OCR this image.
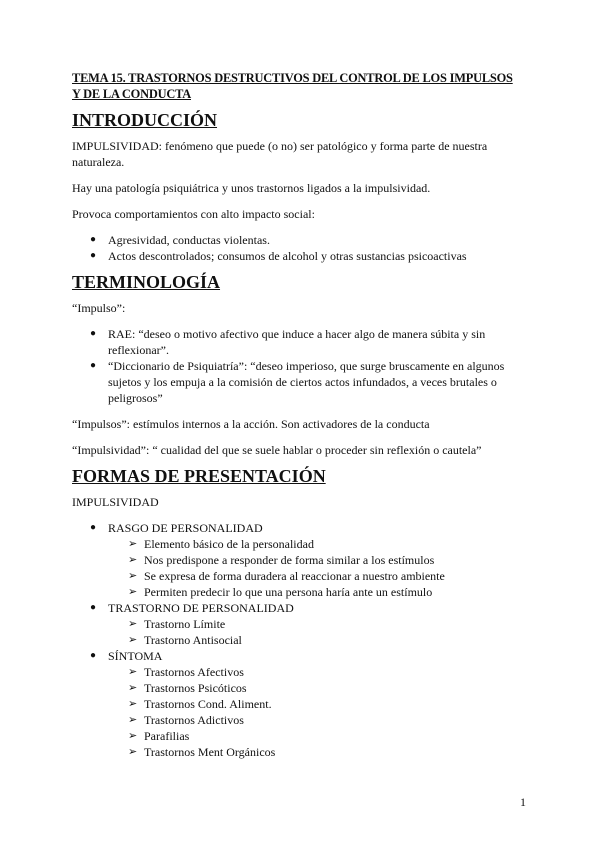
TEMA 15. TRASTORNOS DESTRUCTIVOS DEL CONTROL DE LOS IMPULSOS
Y DE LA CONDUCTA
INTRODUCCIÓN

IMPULSIVIDAD: fenómeno que puede (o no) ser patológico y forma parte de nuestra naturaleza.

Hay una patología psiquiátrica y unos trastornos ligados a la impulsividad.

Provoca comportamientos con alto impacto social:

● Agresividad, conductas violentas.
● Actos descontrolados; consumos de alcohol y otras sustancias psicoactivas
TERMINOLOGÍA

“Impulso”:

● RAE: “deseo o motivo afectivo que induce a hacer algo de manera súbita y sin reflexionar”.
● “Diccionario de Psiquiatría”: “deseo imperioso, que surge bruscamente en algunos sujetos y los empuja a la comisión de ciertos actos infundados, a veces brutales o peligrosos”

“Impulsos”: estímulos internos a la acción. Son activadores de la conducta

“Impulsividad”: “ cualidad del que se suele hablar o proceder sin reflexión o cautela”

FORMAS DE PRESENTACIÓN

IMPULSIVIDAD

● RASGO DE PERSONALIDAD
➢ Elemento básico de la personalidad
➢ Nos predispone a responder de forma similar a los estímulos
➢ Se expresa de forma duradera al reaccionar a nuestro ambiente
➢ Permiten predecir lo que una persona haría ante un estímulo
● TRASTORNO DE PERSONALIDAD
➢ Trastorno Límite
➢ Trastorno Antisocial
● SÍNTOMA
➢ Trastornos Afectivos
➢ Trastornos Psicóticos
➢ Trastornos Cond. Aliment.
➢ Trastornos Adictivos
➢ Parafilias
➢ Trastornos Ment Orgánicos
1
